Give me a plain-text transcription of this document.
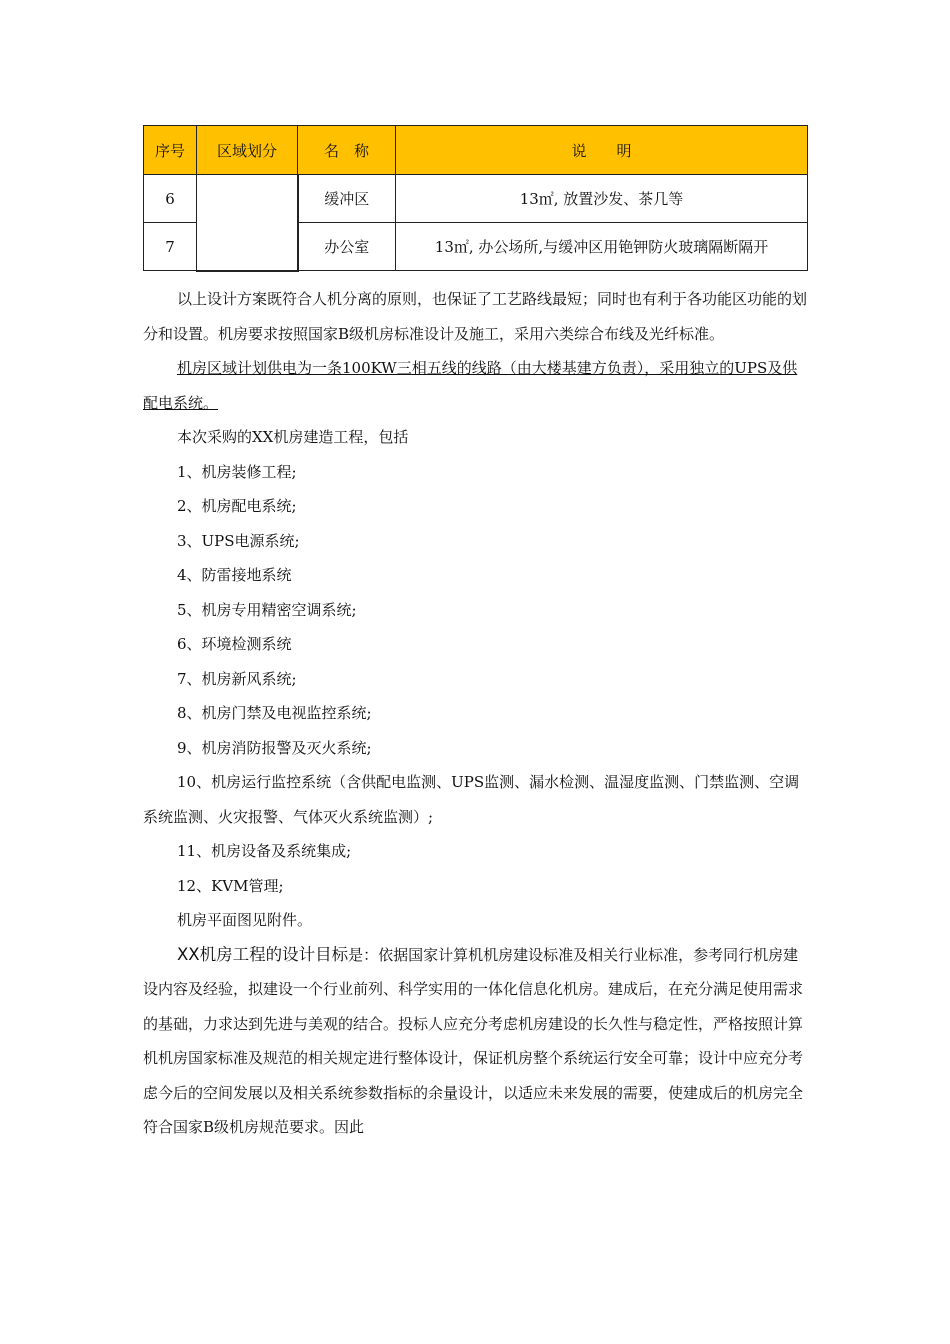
序号	区域划分	名　称	说　　明
6		缓冲区	13㎡, 放置沙发、茶几等
7		办公室	13㎡, 办公场所,与缓冲区用铯钾防火玻璃隔断隔开

以上设计方案既符合人机分离的原则，也保证了工艺路线最短；同时也有利于各功能区功能的划分和设置。机房要求按照国家B级机房标准设计及施工，采用六类综合布线及光纤标准。

机房区域计划供电为一条100KW三相五线的线路（由大楼基建方负责），采用独立的UPS及供配电系统。

本次采购的XX机房建造工程，包括

1、机房装修工程;

2、机房配电系统;

3、UPS电源系统;

4、防雷接地系统

5、机房专用精密空调系统;

6、环境检测系统

7、机房新风系统;

8、机房门禁及电视监控系统;

9、机房消防报警及灭火系统;

10、机房运行监控系统（含供配电监测、UPS监测、漏水检测、温湿度监测、门禁监测、空调系统监测、火灾报警、气体灭火系统监测）;

11、机房设备及系统集成;

12、KVM管理;

机房平面图见附件。

XX机房工程的设计目标是：依据国家计算机机房建设标准及相关行业标准，参考同行机房建设内容及经验，拟建设一个行业前列、科学实用的一体化信息化机房。建成后，在充分满足使用需求的基础，力求达到先进与美观的结合。投标人应充分考虑机房建设的长久性与稳定性，严格按照计算机机房国家标准及规范的相关规定进行整体设计，保证机房整个系统运行安全可靠；设计中应充分考虑今后的空间发展以及相关系统参数指标的余量设计，以适应未来发展的需要，使建成后的机房完全符合国家B级机房规范要求。因此
